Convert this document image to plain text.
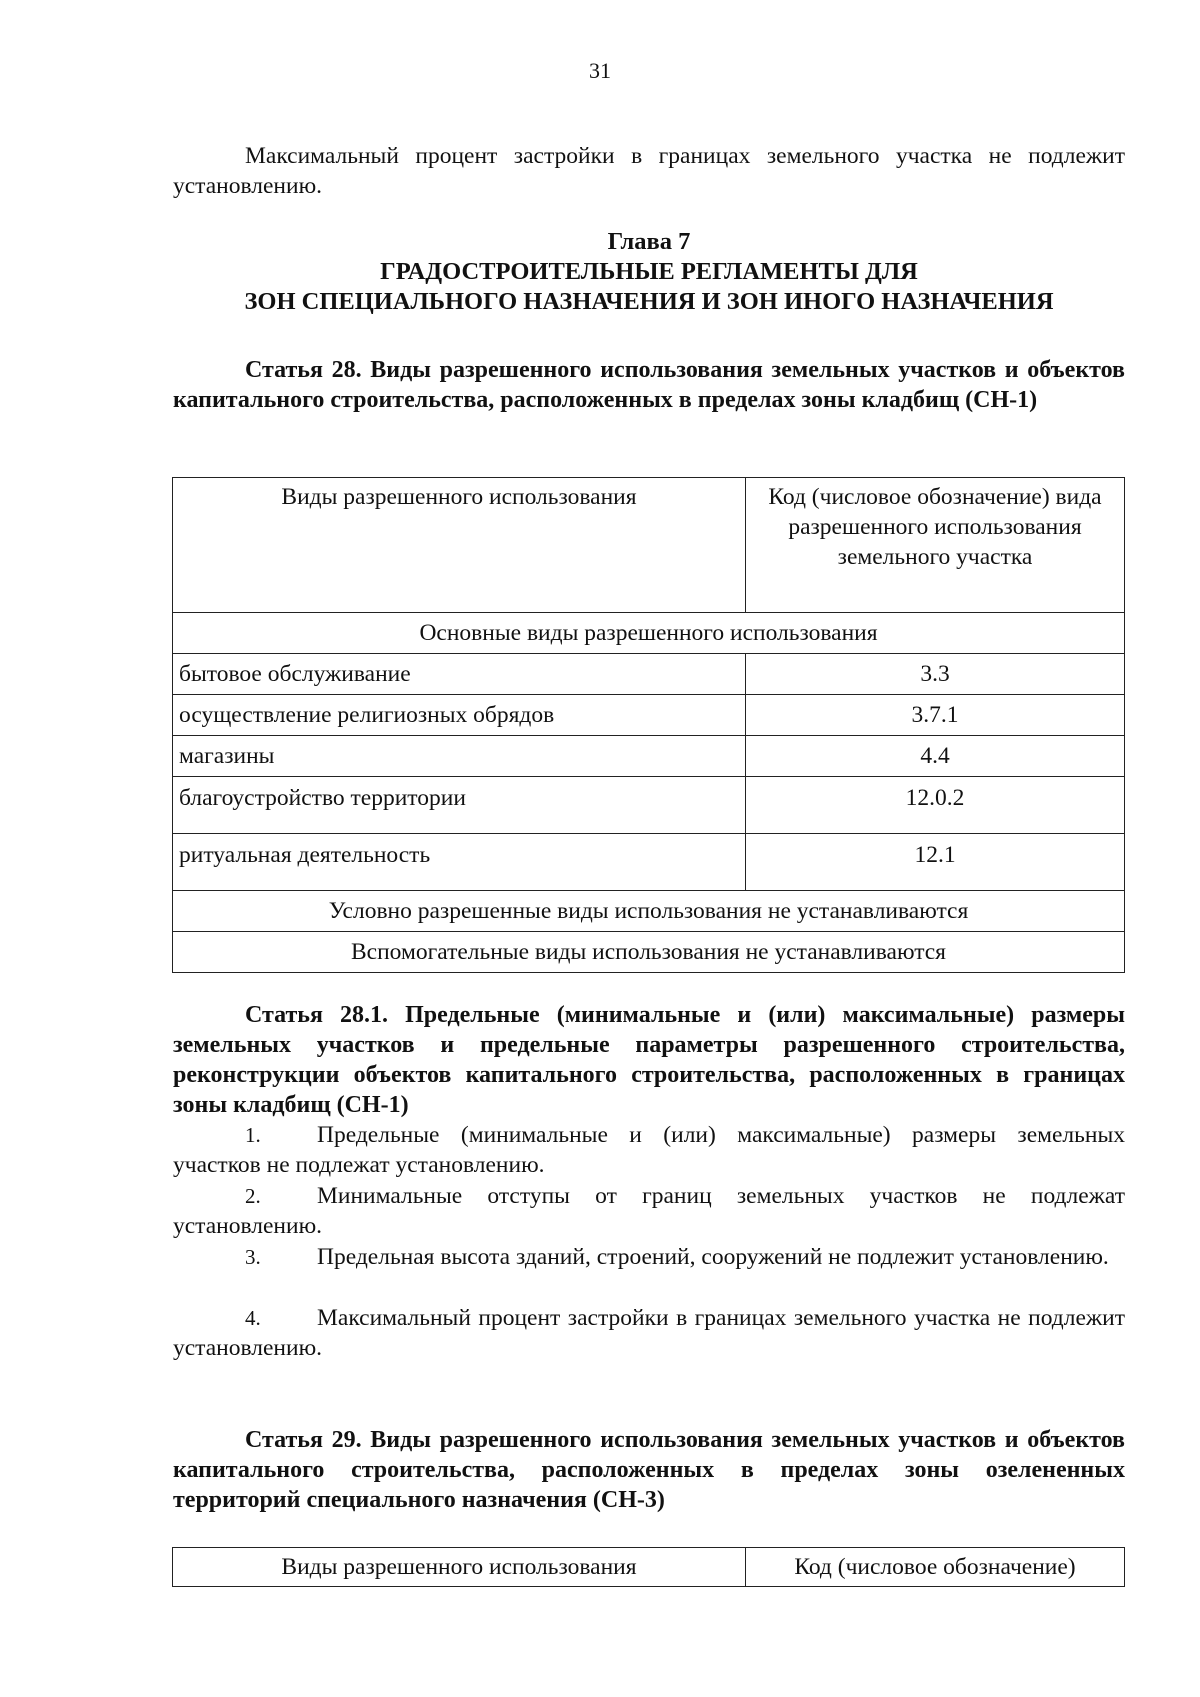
31
Максимальный процент застройки в границах земельного участка не подлежит установлению.
Глава 7
ГРАДОСТРОИТЕЛЬНЫЕ РЕГЛАМЕНТЫ ДЛЯ
ЗОН СПЕЦИАЛЬНОГО НАЗНАЧЕНИЯ И ЗОН ИНОГО НАЗНАЧЕНИЯ
Статья 28. Виды разрешенного использования земельных участков и объектов капитального строительства, расположенных в пределах зоны кладбищ (СН-1)
Виды разрешенного использования	Код (числовое обозначение) вида разрешенного использования земельного участка
Основные виды разрешенного использования	
бытовое обслуживание	3.3
осуществление религиозных обрядов	3.7.1
магазины	4.4
благоустройство территории	12.0.2
ритуальная деятельность	12.1
Условно разрешенные виды использования не устанавливаются	
Вспомогательные виды использования не устанавливаются	
Статья 28.1. Предельные (минимальные и (или) максимальные) размеры земельных участков и предельные параметры разрешенного строительства, реконструкции объектов капитального строительства, расположенных в границах зоны кладбищ (СН-1)
1. Предельные (минимальные и (или) максимальные) размеры земельных участков не подлежат установлению.
2. Минимальные отступы от границ земельных участков не подлежат установлению.
3. Предельная высота зданий, строений, сооружений не подлежит установлению.
4. Максимальный процент застройки в границах земельного участка не подлежит установлению.
Статья 29. Виды разрешенного использования земельных участков и объектов капитального строительства, расположенных в пределах зоны озелененных территорий специального назначения (СН-3)
Виды разрешенного использования	Код (числовое обозначение)
